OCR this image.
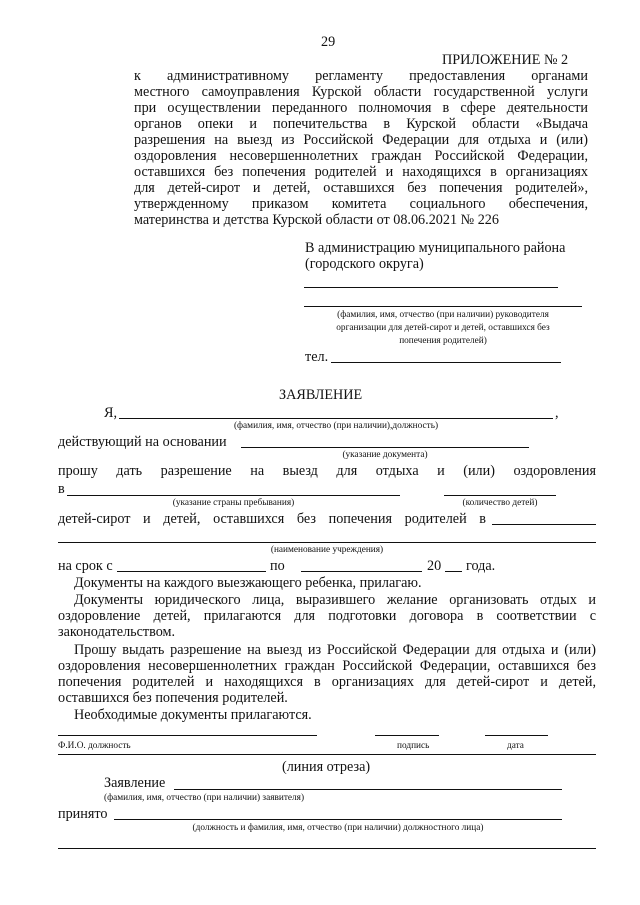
29
ПРИЛОЖЕНИЕ № 2
к административному регламенту предоставления органами
местного самоуправления Курской области государственной услуги
при осуществлении переданного полномочия в сфере деятельности
органов опеки и попечительства в Курской области «Выдача
разрешения на выезд из Российской Федерации для отдыха и (или)
оздоровления несовершеннолетних граждан Российской Федерации,
оставшихся без попечения родителей и находящихся в организациях
для детей-сирот и детей, оставшихся без попечения родителей»,
утвержденному приказом комитета социального обеспечения,
материнства и детства Курской области от 08.06.2021 № 226
В администрацию муниципального района
(городского округа)
(фамилия, имя, отчество (при наличии) руководителя
организации для детей-сирот и детей, оставшихся без
попечения родителей)
тел.
ЗАЯВЛЕНИЕ
Я,	,
(фамилия, имя, отчество (при наличии),должность)
действующий на основании
(указание документа)
прошу дать разрешение на выезд для отдыха и (или) оздоровления
в
(указание страны пребывания)	(количество детей)
детей-сирот и детей, оставшихся без попечения родителей в
(наименование учреждения)
на срок с	по	20 года.
Документы на каждого выезжающего ребенка, прилагаю.
Документы юридического лица, выразившего желание организовать отдых и
оздоровление детей, прилагаются для подготовки договора в соответствии с
законодательством.
Прошу выдать разрешение на выезд из Российской Федерации для отдыха и (или)
оздоровления несовершеннолетних граждан Российской Федерации, оставшихся без
попечения родителей и находящихся в организациях для детей-сирот и детей,
оставшихся без попечения родителей.
Необходимые документы прилагаются.
Ф.И.О. должность	подпись	дата
(линия отреза)
Заявление
(фамилия, имя, отчество (при наличии) заявителя)
принято
(должность и фамилия, имя, отчество (при наличии) должностного лица)
